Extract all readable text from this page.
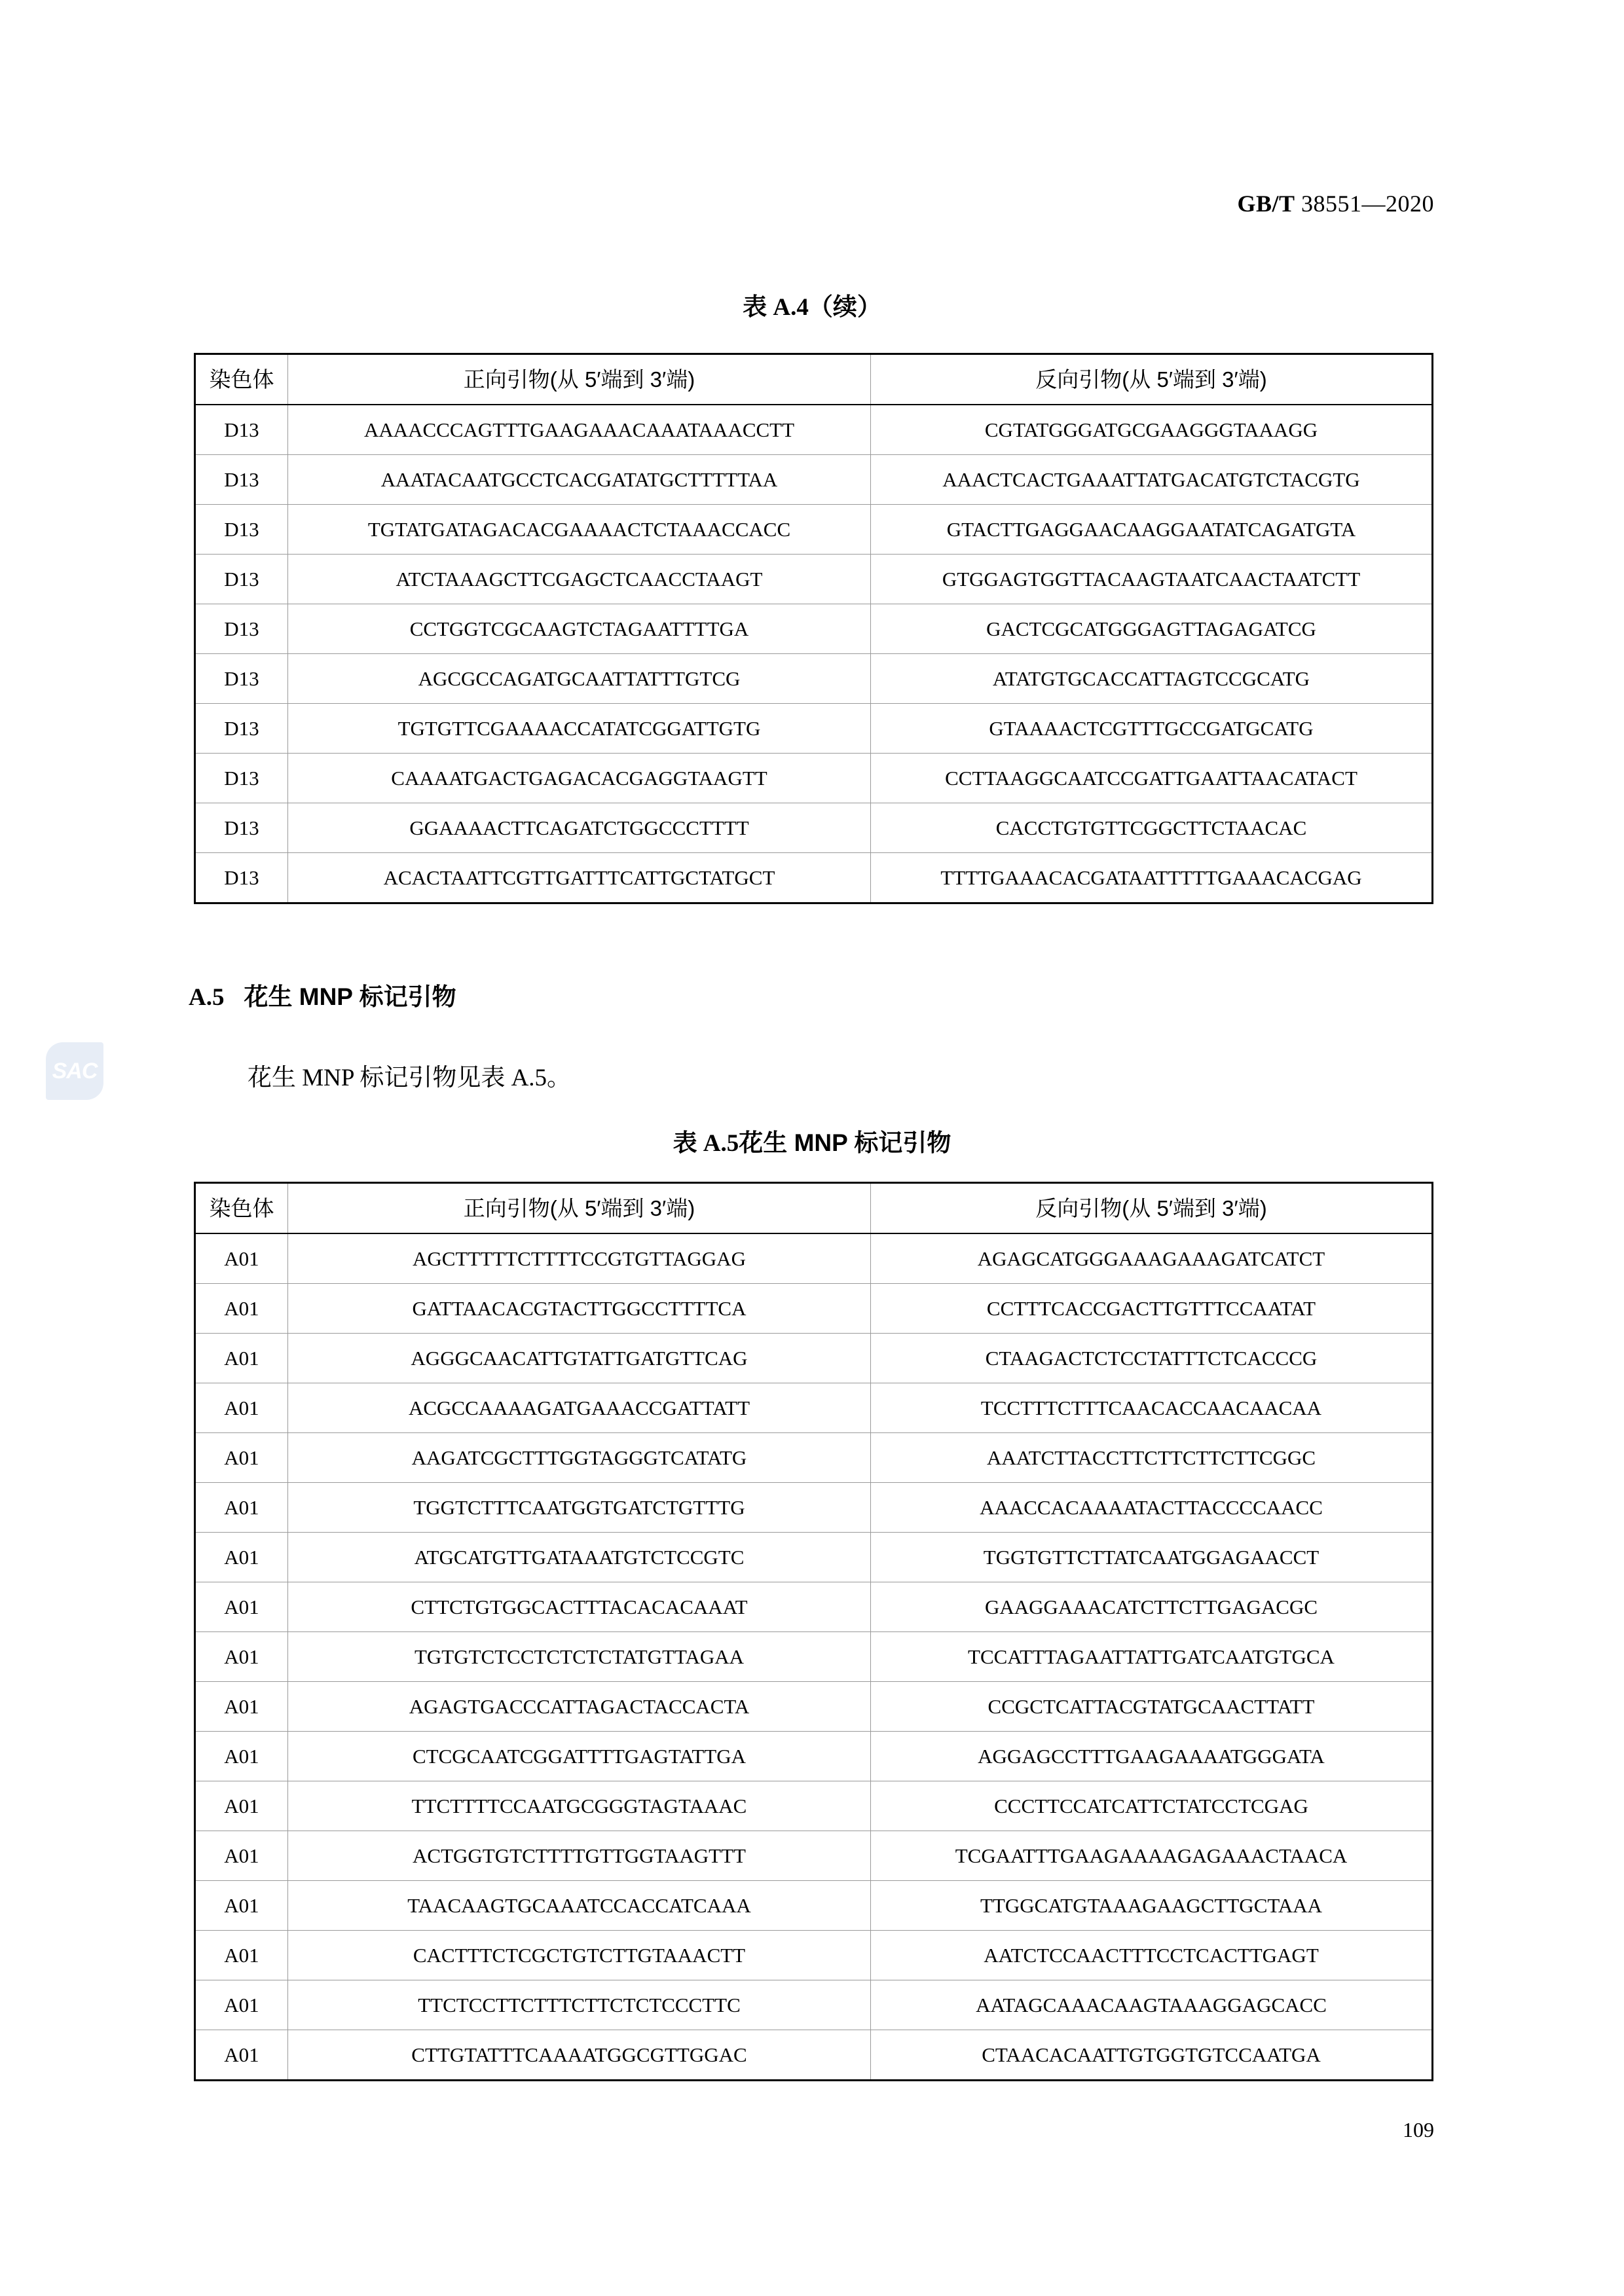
GB/T 38551—2020
SAC
表 A.4（续）
染色体	正向引物(从 5′端到 3′端)	反向引物(从 5′端到 3′端)
D13	AAAACCCAGTTTGAAGAAACAAATAAACCTT	CGTATGGGATGCGAAGGGTAAAGG
D13	AAATACAATGCCTCACGATATGCTTTTTAA	AAACTCACTGAAATTATGACATGTCTACGTG
D13	TGTATGATAGACACGAAAACTCTAAACCACC	GTACTTGAGGAACAAGGAATATCAGATGTA
D13	ATCTAAAGCTTCGAGCTCAACCTAAGT	GTGGAGTGGTTACAAGTAATCAACTAATCTT
D13	CCTGGTCGCAAGTCTAGAATTTTGA	GACTCGCATGGGAGTTAGAGATCG
D13	AGCGCCAGATGCAATTATTTGTCG	ATATGTGCACCATTAGTCCGCATG
D13	TGTGTTCGAAAACCATATCGGATTGTG	GTAAAACTCGTTTGCCGATGCATG
D13	CAAAATGACTGAGACACGAGGTAAGTT	CCTTAAGGCAATCCGATTGAATTAACATACT
D13	GGAAAACTTCAGATCTGGCCCTTTT	CACCTGTGTTCGGCTTCTAACAC
D13	ACACTAATTCGTTGATTTCATTGCTATGCT	TTTTGAAACACGATAATTTTTGAAACACGAG
A.5 花生 MNP 标记引物
花生 MNP 标记引物见表 A.5。
表 A.5花生 MNP 标记引物
染色体	正向引物(从 5′端到 3′端)	反向引物(从 5′端到 3′端)
A01	AGCTTTTTCTTTTCCGTGTTAGGAG	AGAGCATGGGAAAGAAAGATCATCT
A01	GATTAACACGTACTTGGCCTTTTCA	CCTTTCACCGACTTGTTTCCAATAT
A01	AGGGCAACATTGTATTGATGTTCAG	CTAAGACTCTCCTATTTCTCACCCG
A01	ACGCCAAAAGATGAAACCGATTATT	TCCTTTCTTTCAACACCAACAACAA
A01	AAGATCGCTTTGGTAGGGTCATATG	AAATCTTACCTTCTTCTTCTTCGGC
A01	TGGTCTTTCAATGGTGATCTGTTTG	AAACCACAAAATACTTACCCCAACC
A01	ATGCATGTTGATAAATGTCTCCGTC	TGGTGTTCTTATCAATGGAGAACCT
A01	CTTCTGTGGCACTTTACACACAAAT	GAAGGAAACATCTTCTTGAGACGC
A01	TGTGTCTCCTCTCTCTATGTTAGAA	TCCATTTAGAATTATTGATCAATGTGCA
A01	AGAGTGACCCATTAGACTACCACTA	CCGCTCATTACGTATGCAACTTATT
A01	CTCGCAATCGGATTTTGAGTATTGA	AGGAGCCTTTGAAGAAAATGGGATA
A01	TTCTTTTCCAATGCGGGTAGTAAAC	CCCTTCCATCATTCTATCCTCGAG
A01	ACTGGTGTCTTTTGTTGGTAAGTTT	TCGAATTTGAAGAAAAGAGAAACTAACA
A01	TAACAAGTGCAAATCCACCATCAAA	TTGGCATGTAAAGAAGCTTGCTAAA
A01	CACTTTCTCGCTGTCTTGTAAACTT	AATCTCCAACTTTCCTCACTTGAGT
A01	TTCTCCTTCTTTCTTCTCTCCCTTC	AATAGCAAACAAGTAAAGGAGCACC
A01	CTTGTATTTCAAAATGGCGTTGGAC	CTAACACAATTGTGGTGTCCAATGA
109
